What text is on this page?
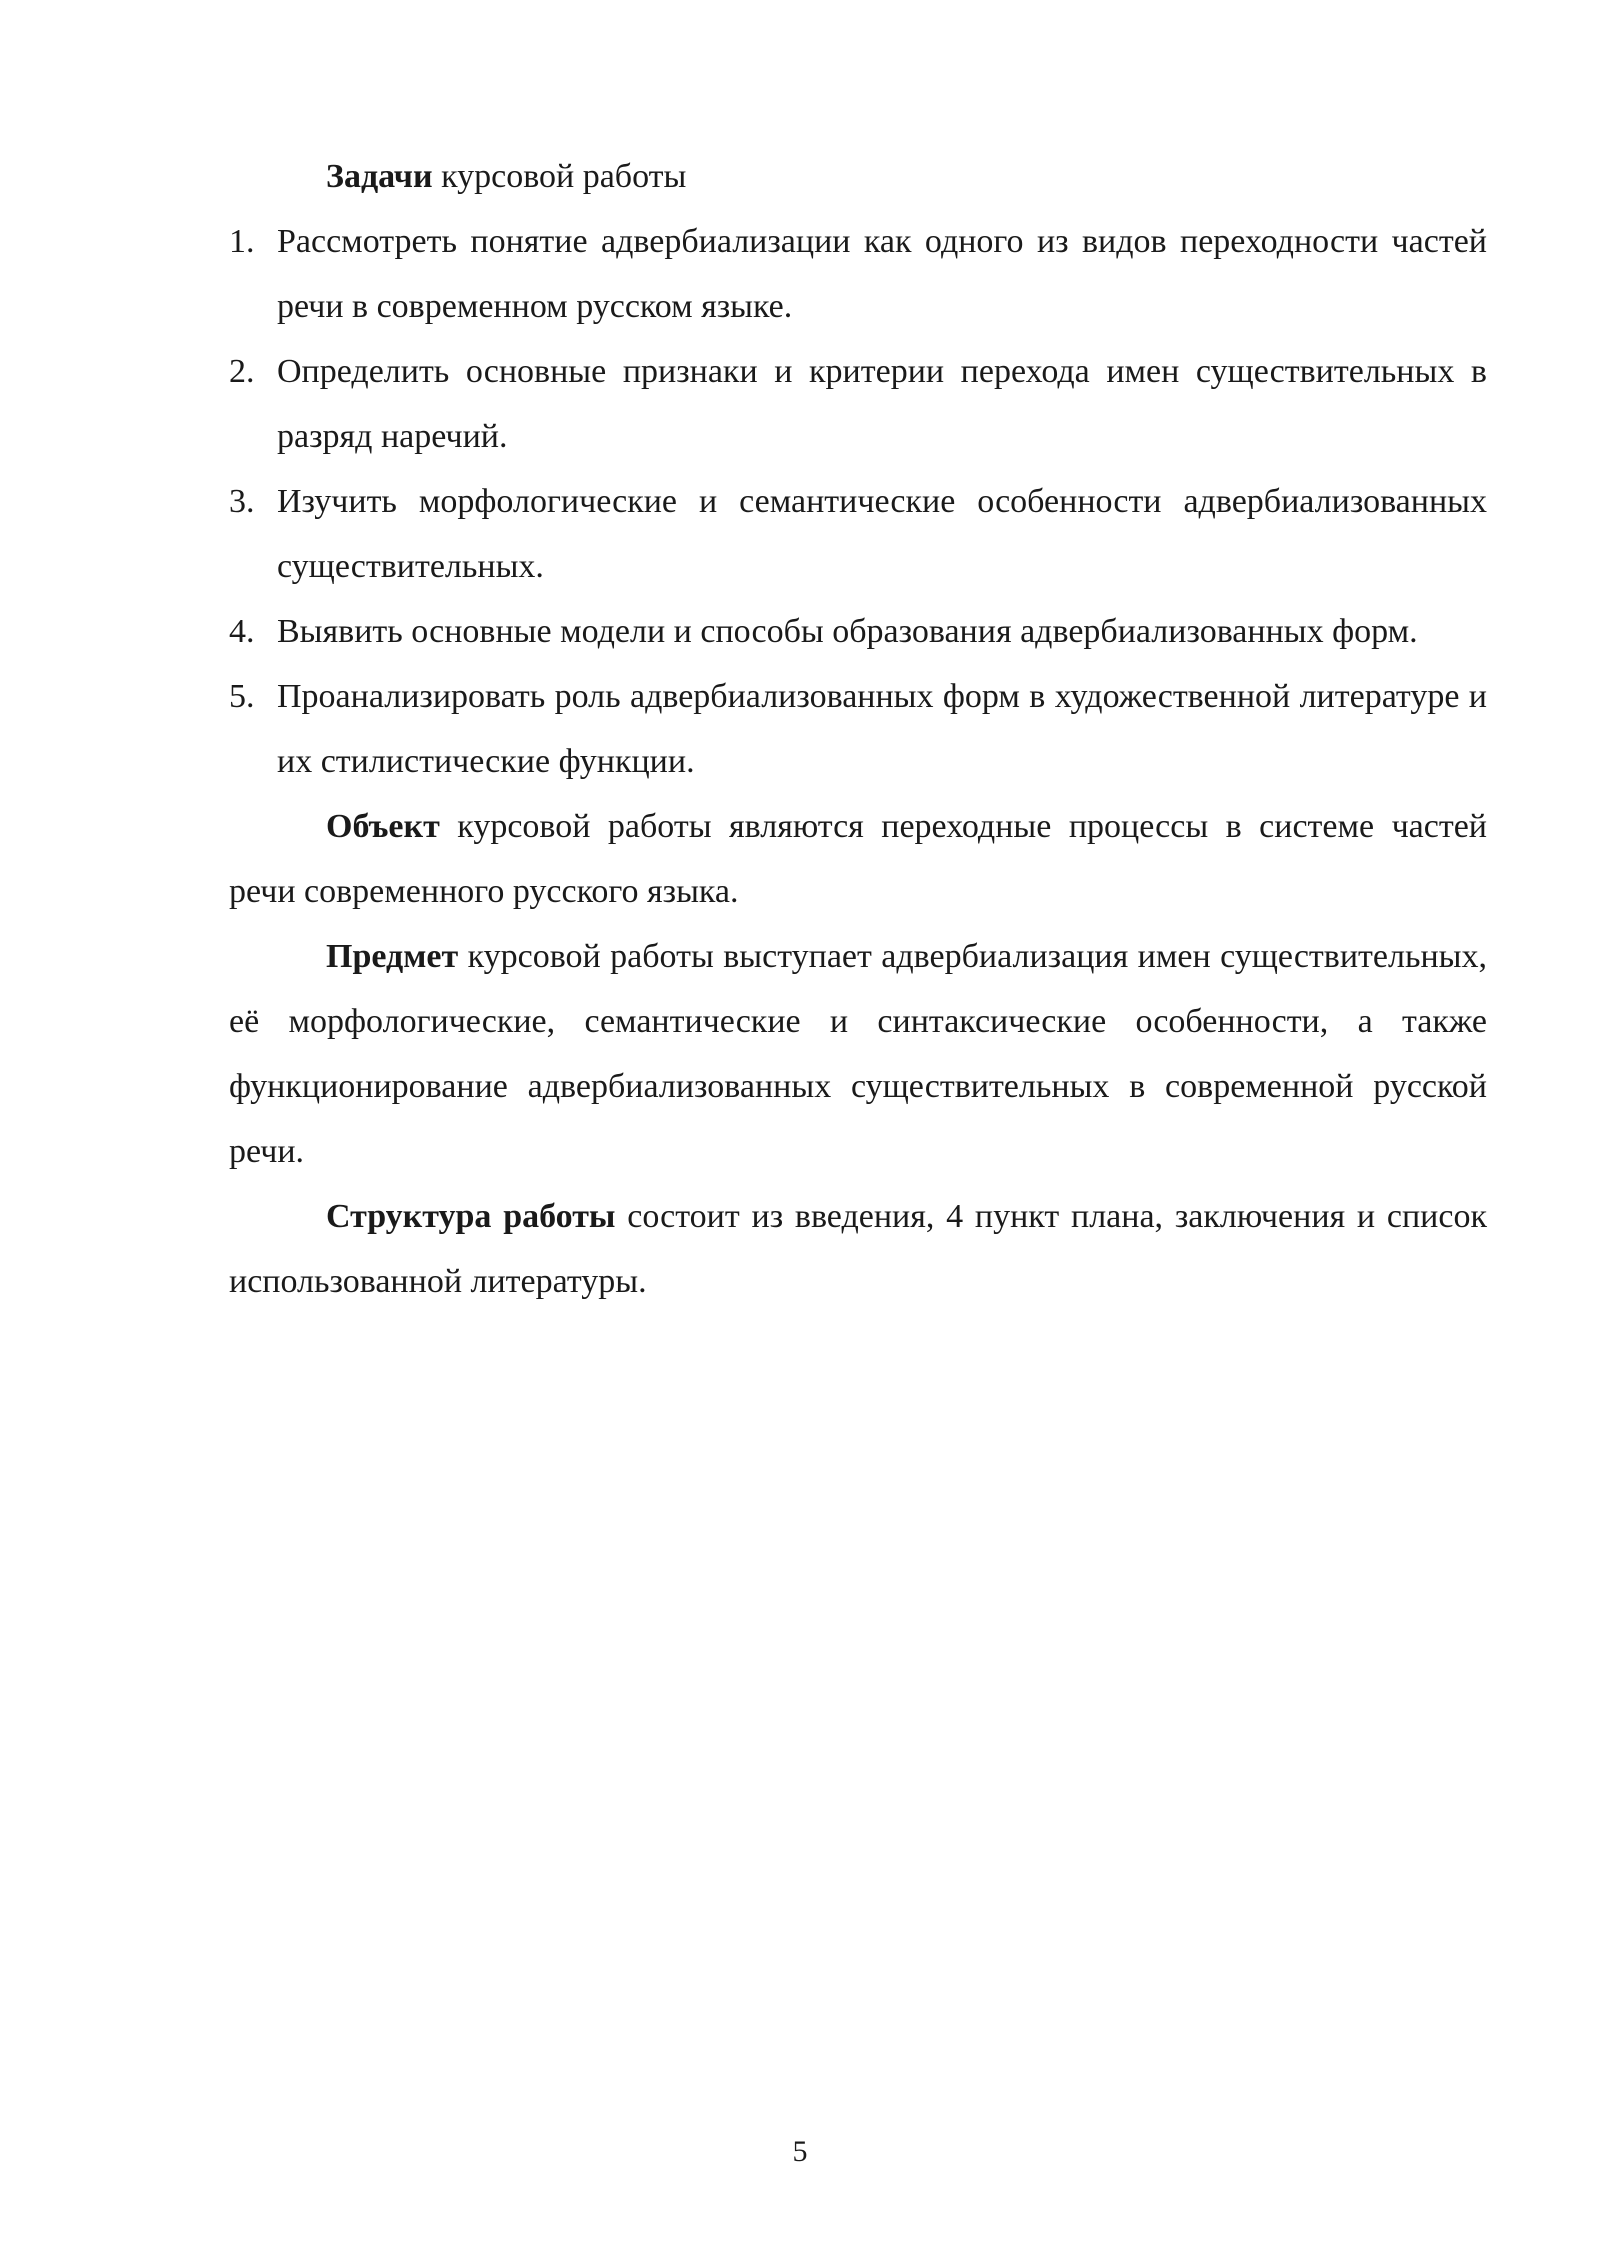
Задачи курсовой работы

1. Рассмотреть понятие адвербиализации как одного из видов переходности частей речи в современном русском языке.
2. Определить основные признаки и критерии перехода имен существительных в разряд наречий.
3. Изучить морфологические и семантические особенности адвербиализованных существительных.
4. Выявить основные модели и способы образования адвербиализованных форм.
5. Проанализировать роль адвербиализованных форм в художественной литературе и их стилистические функции.

Объект курсовой работы являются переходные процессы в системе частей речи современного русского языка.

Предмет курсовой работы выступает адвербиализация имен существительных, её морфологические, семантические и синтаксические особенности, а также функционирование адвербиализованных существительных в современной русской речи.

Структура работы состоит из введения, 4 пункт плана, заключения и список использованной литературы.

5
